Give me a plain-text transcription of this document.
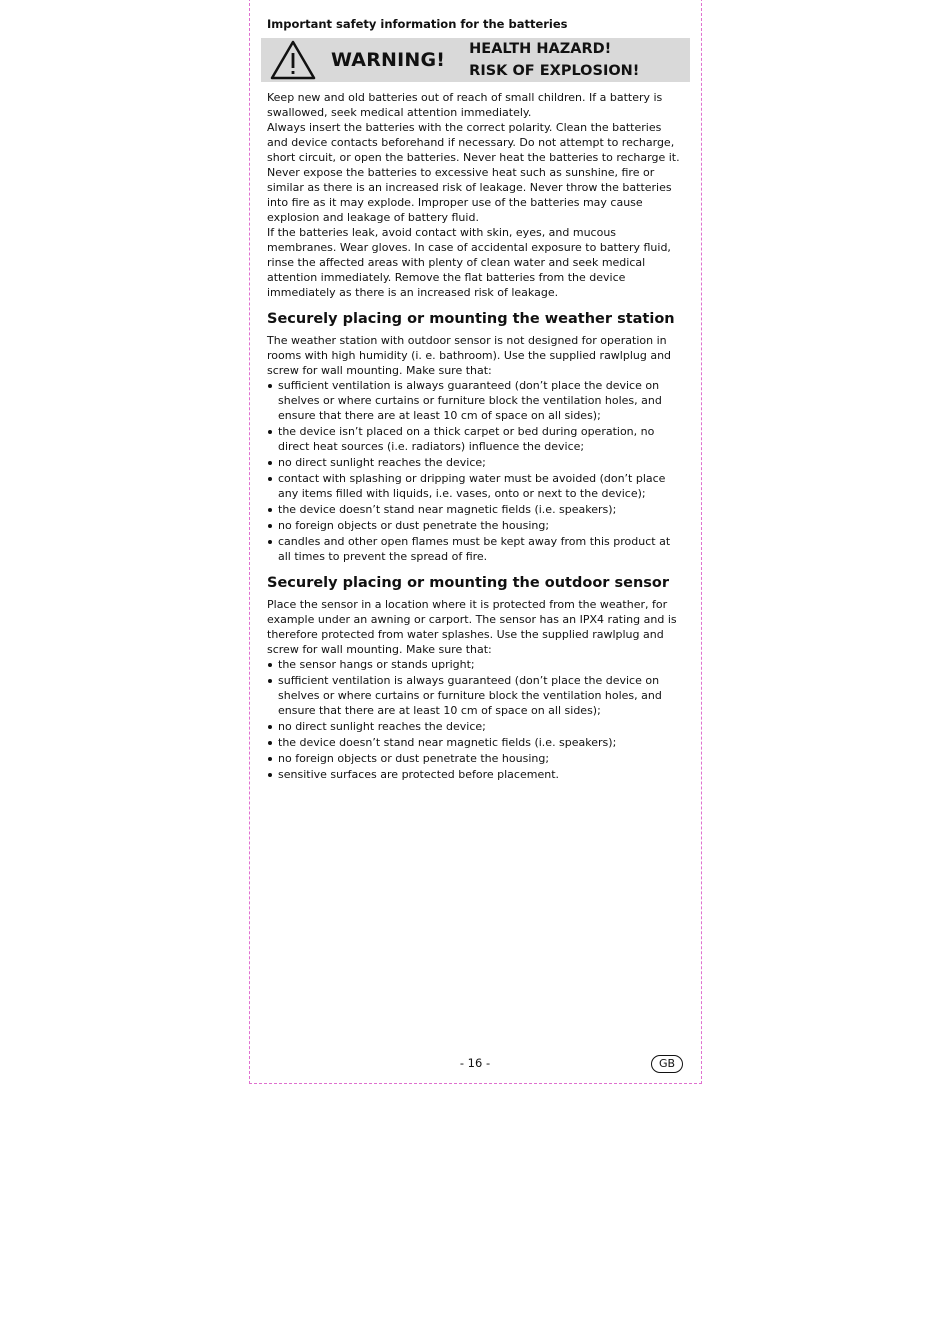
Important safety information for the batteries
WARNING! HEALTH HAZARD!
RISK OF EXPLOSION!

Keep new and old batteries out of reach of small children. If a battery is swallowed, seek medical attention immediately.

Always insert the batteries with the correct polarity. Clean the batteries and device contacts beforehand if necessary. Do not attempt to recharge, short circuit, or open the batteries. Never heat the batteries to recharge it. Never expose the batteries to excessive heat such as sunshine, fire or similar as there is an increased risk of leakage. Never throw the batteries into fire as it may explode. Improper use of the batteries may cause explosion and leakage of battery fluid.

If the batteries leak, avoid contact with skin, eyes, and mucous membranes. Wear gloves. In case of accidental exposure to battery fluid, rinse the affected areas with plenty of clean water and seek medical attention immediately. Remove the flat batteries from the device immediately as there is an increased risk of leakage.

Securely placing or mounting the weather station

The weather station with outdoor sensor is not designed for operation in rooms with high humidity (i. e. bathroom). Use the supplied rawlplug and screw for wall mounting. Make sure that:

sufficient ventilation is always guaranteed (don’t place the device on shelves or where curtains or furniture block the ventilation holes, and ensure that there are at least 10 cm of space on all sides);
the device isn’t placed on a thick carpet or bed during operation, no direct heat sources (i.e. radiators) influence the device;
no direct sunlight reaches the device;
contact with splashing or dripping water must be avoided (don’t place any items filled with liquids, i.e. vases, onto or next to the device);
the device doesn’t stand near magnetic fields (i.e. speakers);
no foreign objects or dust penetrate the housing;
candles and other open flames must be kept away from this product at all times to prevent the spread of fire.
Securely placing or mounting the outdoor sensor

Place the sensor in a location where it is protected from the weather, for example under an awning or carport. The sensor has an IPX4 rating and is therefore protected from water splashes. Use the supplied rawlplug and screw for wall mounting. Make sure that:

the sensor hangs or stands upright;
sufficient ventilation is always guaranteed (don’t place the device on shelves or where curtains or furniture block the ventilation holes, and ensure that there are at least 10 cm of space on all sides);
no direct sunlight reaches the device;
the device doesn’t stand near magnetic fields (i.e. speakers);
no foreign objects or dust penetrate the housing;
sensitive surfaces are protected before placement.
- 16 -	GB
